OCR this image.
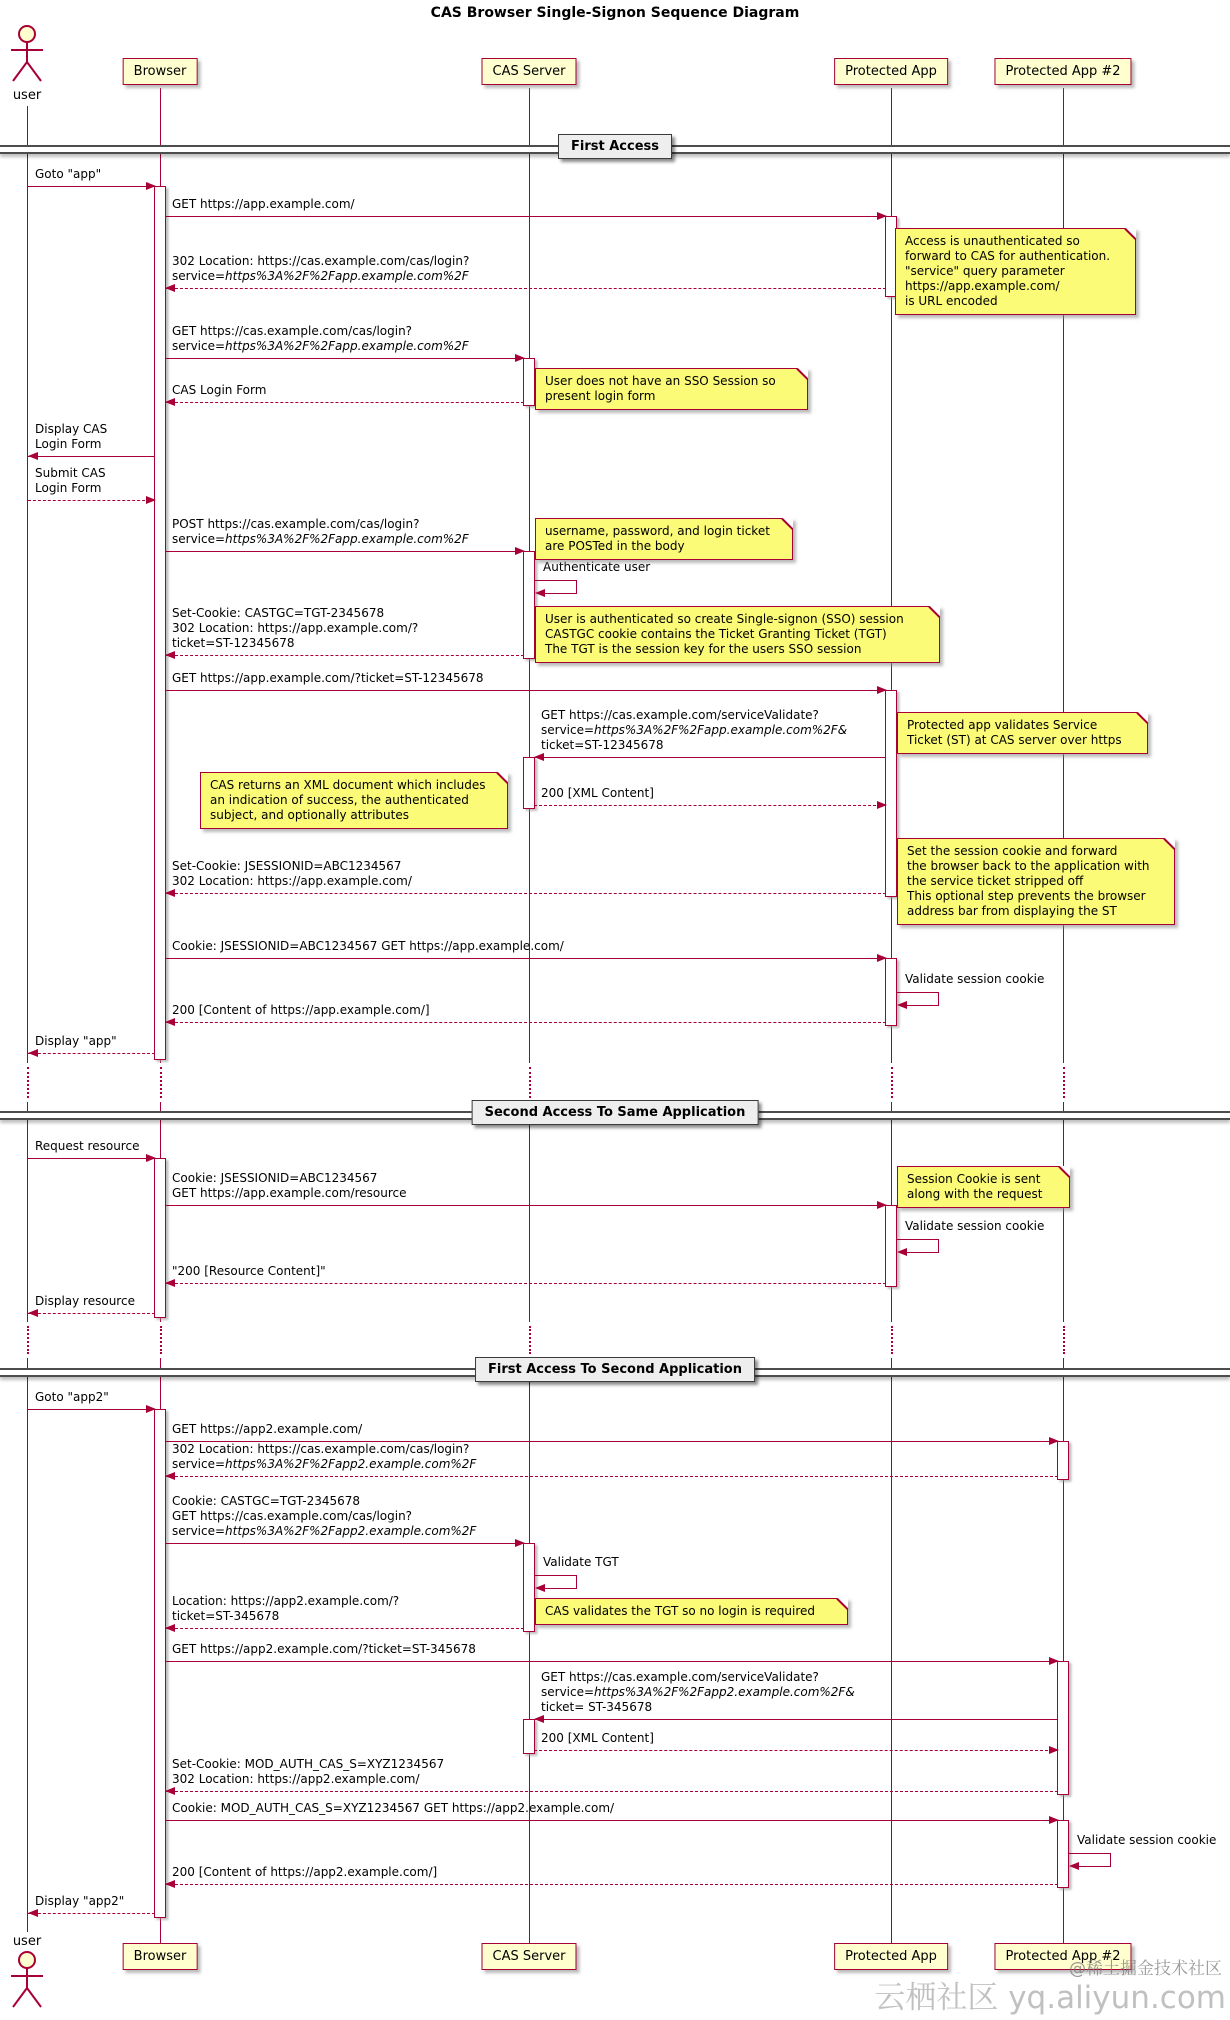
CAS Browser Single-Signon Sequence Diagram
@稀土掘金技术社区
云栖社区 yq.aliyun.com
First Access
Second Access To Same Application
First Access To Second Application
Goto "app"
GET https://app.example.com/
302 Location: https://cas.example.com/cas/login?
service=https%3A%2F%2Fapp.example.com%2F
GET https://cas.example.com/cas/login?
service=https%3A%2F%2Fapp.example.com%2F
CAS Login Form
Display CAS
Login Form
Submit CAS
Login Form
POST https://cas.example.com/cas/login?
service=https%3A%2F%2Fapp.example.com%2F
Authenticate user
Set-Cookie: CASTGC=TGT-2345678
302 Location: https://app.example.com/?
ticket=ST-12345678
GET https://app.example.com/?ticket=ST-12345678
GET https://cas.example.com/serviceValidate?
service=https%3A%2F%2Fapp.example.com%2F&
ticket=ST-12345678
200 [XML Content]
Set-Cookie: JSESSIONID=ABC1234567
302 Location: https://app.example.com/
Cookie: JSESSIONID=ABC1234567 GET https://app.example.com/
Validate session cookie
200 [Content of https://app.example.com/]
Display "app"
Request resource
Cookie: JSESSIONID=ABC1234567
GET https://app.example.com/resource
Validate session cookie
"200 [Resource Content]"
Display resource
Goto "app2"
GET https://app2.example.com/
302 Location: https://cas.example.com/cas/login?
service=https%3A%2F%2Fapp2.example.com%2F
Cookie: CASTGC=TGT-2345678
GET https://cas.example.com/cas/login?
service=https%3A%2F%2Fapp2.example.com%2F
Validate TGT
Location: https://app2.example.com/?
ticket=ST-345678
GET https://app2.example.com/?ticket=ST-345678
GET https://cas.example.com/serviceValidate?
service=https%3A%2F%2Fapp2.example.com%2F&
ticket= ST-345678
200 [XML Content]
Set-Cookie: MOD_AUTH_CAS_S=XYZ1234567
302 Location: https://app2.example.com/
Cookie: MOD_AUTH_CAS_S=XYZ1234567 GET https://app2.example.com/
Validate session cookie
200 [Content of https://app2.example.com/]
Display "app2"
Access is unauthenticated so
forward to CAS for authentication.
"service" query parameter
https://app.example.com/
is URL encoded
User does not have an SSO Session so
present login form
username, password, and login ticket
are POSTed in the body
User is authenticated so create Single-signon (SSO) session
CASTGC cookie contains the Ticket Granting Ticket (TGT)
The TGT is the session key for the users SSO session
Protected app validates Service
Ticket (ST) at CAS server over https
CAS returns an XML document which includes
an indication of success, the authenticated
subject, and optionally attributes
Set the session cookie and forward
the browser back to the application with
the service ticket stripped off
This optional step prevents the browser
address bar from displaying the ST
Session Cookie is sent
along with the request
CAS validates the TGT so no login is required
user
user
Browser
Browser
CAS Server
CAS Server
Protected App
Protected App
Protected App #2
Protected App #2
